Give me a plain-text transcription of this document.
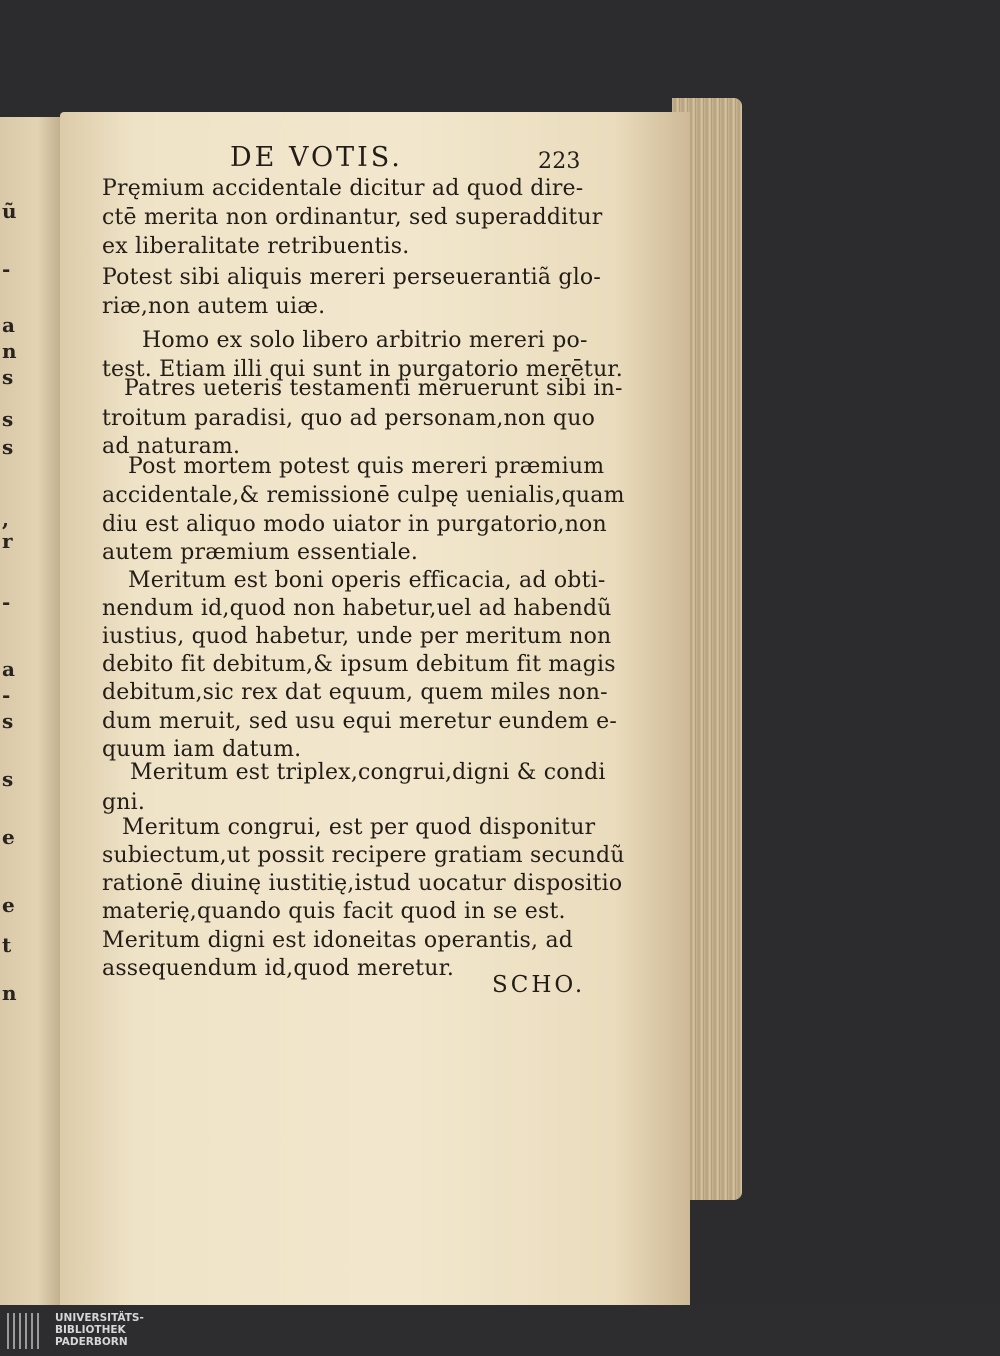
ũ
-
a
n
s
s
s
,
r
-
a
-
s
s
e
e
t
n
DE VOTIS.	223
Pręmium accidentale dicitur ad quod dire-
ctē merita non ordinantur, sed superadditur
ex liberalitate retribuentis.
Potest sibi aliquis mereri perseuerantiã glo-
riæ,non autem uiæ.
Homo ex solo libero arbitrio mereri po-
test. Etiam illi qui sunt in purgatorio merētur.
Patres ueteris testamenti meruerunt sibi in-
troitum paradisi, quo ad personam,non quo
ad naturam.
Post mortem potest quis mereri præmium
accidentale,& remissionē culpę uenialis,quam
diu est aliquo modo uiator in purgatorio,non
autem præmium essentiale.
Meritum est boni operis efficacia, ad obti-
nendum id,quod non habetur,uel ad habendũ
iustius, quod habetur, unde per meritum non
debito fit debitum,& ipsum debitum fit magis
debitum,sic rex dat equum, quem miles non-
dum meruit, sed usu equi meretur eundem e-
quum iam datum.
Meritum est triplex,congrui,digni & condi
gni.
Meritum congrui, est per quod disponitur
subiectum,ut possit recipere gratiam secundũ
rationē diuinę iustitię,istud uocatur dispositio
materię,quando quis facit quod in se est.
Meritum digni est idoneitas operantis, ad
assequendum id,quod meretur.
SCHO.
UNIVERSITÄTS-
BIBLIOTHEK
PADERBORN
